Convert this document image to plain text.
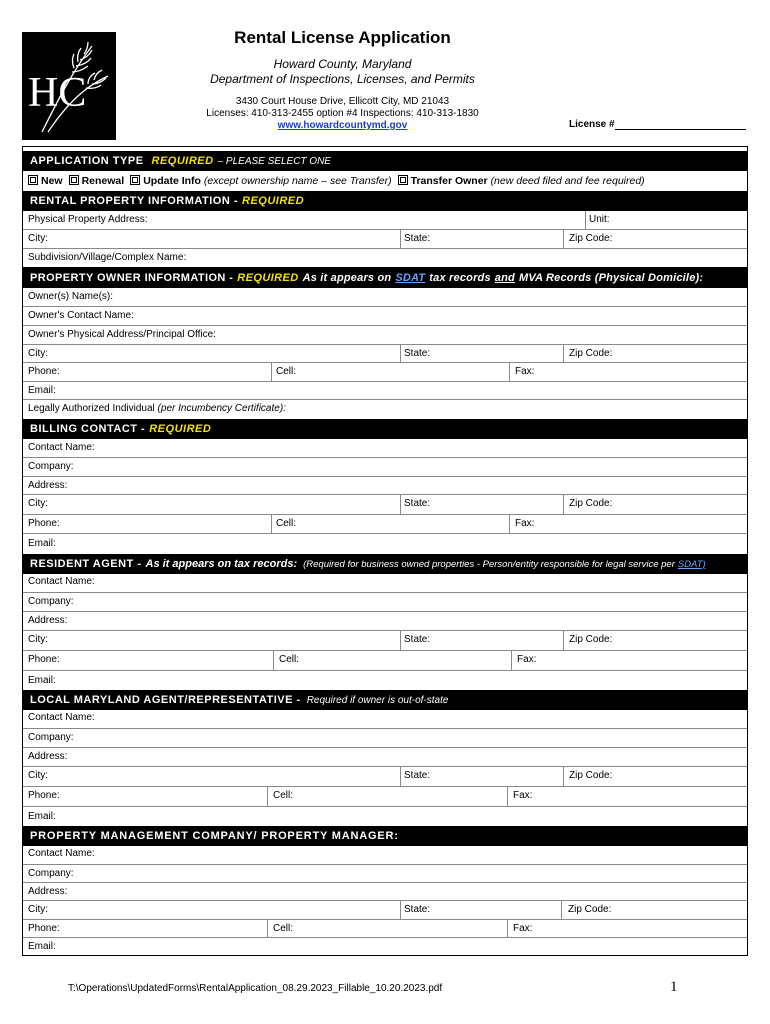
HC
Rental License Application
Howard County, Maryland
Department of Inspections, Licenses, and Permits
3430 Court House Drive, Ellicott City, MD 21043
Licenses: 410-313-2455 option #4 Inspections: 410-313-1830
www.howardcountymd.gov	License #
APPLICATION TYPE REQUIRED – PLEASE SELECT ONE
New	Renewal	Update Info (except ownership name – see Transfer)	Transfer Owner (new deed filed and fee required)
RENTAL PROPERTY INFORMATION - REQUIRED
Physical Property Address:	Unit:
City:	State:	Zip Code:
Subdivision/Village/Complex Name:
PROPERTY OWNER INFORMATION - REQUIRED As it appears on SDAT tax records and MVA Records (Physical Domicile):
Owner(s) Name(s):
Owner's Contact Name:
Owner's Physical Address/Principal Office:
City:	State:	Zip Code:
Phone:	Cell:	Fax:
Email:
Legally Authorized Individual (per Incumbency Certificate):
BILLING CONTACT - REQUIRED
Contact Name:
Company:
Address:
City:	State:	Zip Code:
Phone:	Cell:	Fax:
Email:
RESIDENT AGENT - As it appears on tax records: (Required for business owned properties - Person/entity responsible for legal service per SDAT)
Contact Name:
Company:
Address:
City:	State:	Zip Code:
Phone:	Cell:	Fax:
Email:
LOCAL MARYLAND AGENT/REPRESENTATIVE - Required if owner is out-of-state
Contact Name:
Company:
Address:
City:	State:	Zip Code:
Phone:	Cell:	Fax:
Email:
PROPERTY MANAGEMENT COMPANY/ PROPERTY MANAGER:
Contact Name:
Company:
Address:
City:	State:	Zip Code:
Phone:	Cell:	Fax:
Email:
T:\Operations\UpdatedForms\RentalApplication_08.29.2023_Fillable_10.20.2023.pdf	1
